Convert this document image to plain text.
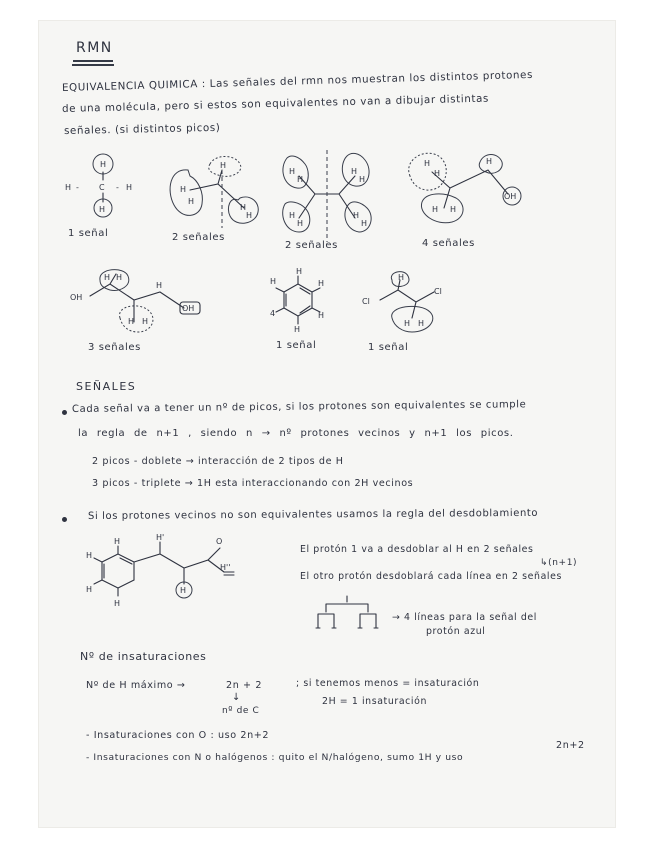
RMN
EQUIVALENCIA QUIMICA : Las señales del rmn nos muestran los distintos protones
de una molécula, pero si estos son equivalentes no van a dibujar distintas
señales. (si distintos picos)
H
H -	C - H
H
1 señal
H
H
H
H
H
2 señales
H
H
H
H
H
H
H
H
2 señales
H
H
H
H H
OH
4 señales
OH
H H
H H
H
OH
3 señales
H
H
H
H
H
4
1 señal
Cl
H
Cl
H H
1 señal
SEÑALES
Cada señal va a tener un nº de picos, si los protones son equivalentes se cumple
la regla de n+1 , siendo n → nº protones vecinos y n+1 los picos.
2 picos - doblete → interacción de 2 tipos de H
3 picos - triplete → 1H esta interaccionando con 2H vecinos
Si los protones vecinos no son equivalentes usamos la regla del desdoblamiento
H
H
H
H
H
H'	O
H''
El protón 1 va a desdoblar al H en 2 señales
↳(n+1)
El otro protón desdoblará cada línea en 2 señales
→ 4 líneas para la señal del
protón azul
Nº de insaturaciones
Nº de H máximo →	2n + 2
↓
nº de C
; si tenemos menos = insaturación
2H = 1 insaturación
- Insaturaciones con O : uso 2n+2
- Insaturaciones con N o halógenos : quito el N/halógeno, sumo 1H y uso
2n+2
